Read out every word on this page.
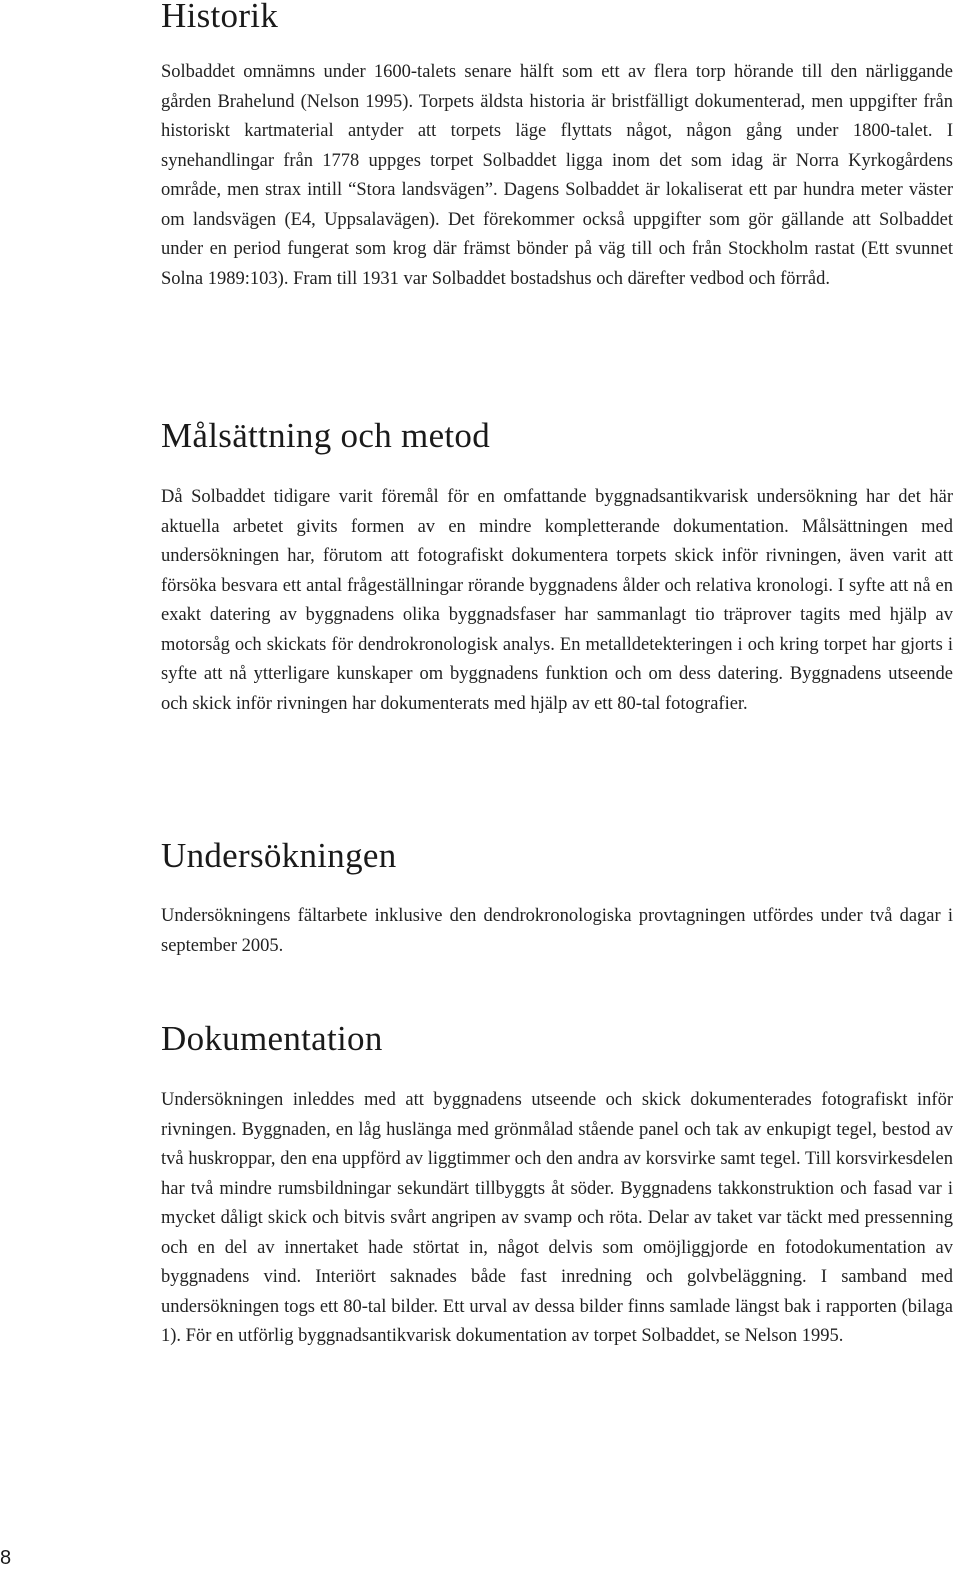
Historik

Solbaddet omnämns under 1600-talets senare hälft som ett av flera torp hörande till den närliggande gården Brahelund (Nelson 1995). Torpets äldsta historia är bristfälligt dokumenterad, men uppgifter från historiskt kartmaterial antyder att torpets läge flyttats något, någon gång under 1800-talet. I synehandlingar från 1778 uppges torpet Solbaddet ligga inom det som idag är Norra Kyrkogårdens område, men strax intill “Stora landsvägen”. Dagens Solbaddet är lokaliserat ett par hundra meter väster om landsvägen (E4, Uppsalavägen). Det förekommer också uppgifter som gör gällande att Solbaddet under en period fungerat som krog där främst bönder på väg till och från Stockholm rastat (Ett svunnet Solna 1989:103). Fram till 1931 var Solbaddet bostadshus och därefter vedbod och förråd.

Målsättning och metod

Då Solbaddet tidigare varit föremål för en omfattande byggnadsantikvarisk undersökning har det här aktuella arbetet givits formen av en mindre kompletterande dokumentation. Målsättningen med undersökningen har, förutom att fotografiskt dokumentera torpets skick inför rivningen, även varit att försöka besvara ett antal frågeställningar rörande byggnadens ålder och relativa kronologi. I syfte att nå en exakt datering av byggnadens olika byggnadsfaser har sammanlagt tio träprover tagits med hjälp av motorsåg och skickats för dendrokronologisk analys. En metalldetekteringen i och kring torpet har gjorts i syfte att nå ytterligare kunskaper om byggnadens funktion och om dess datering. Byggnadens utseende och skick inför rivningen har dokumenterats med hjälp av ett 80-tal fotografier.

Undersökningen

Undersökningens fältarbete inklusive den dendrokronologiska provtagningen utfördes under två dagar i september 2005.

Dokumentation

Undersökningen inleddes med att byggnadens utseende och skick dokumenterades fotografiskt inför rivningen. Byggnaden, en låg huslänga med grönmålad stående panel och tak av enkupigt tegel, bestod av två huskroppar, den ena uppförd av liggtimmer och den andra av korsvirke samt tegel. Till korsvirkesdelen har två mindre rumsbildningar sekundärt tillbyggts åt söder. Byggnadens takkonstruktion och fasad var i mycket dåligt skick och bitvis svårt angripen av svamp och röta. Delar av taket var täckt med pressenning och en del av innertaket hade störtat in, något delvis som omöjliggjorde en fotodokumentation av byggnadens vind. Interiört saknades både fast inredning och golvbeläggning. I samband med undersökningen togs ett 80-tal bilder. Ett urval av dessa bilder finns samlade längst bak i rapporten (bilaga 1). För en utförlig byggnadsantikvarisk dokumentation av torpet Solbaddet, se Nelson 1995.

8
